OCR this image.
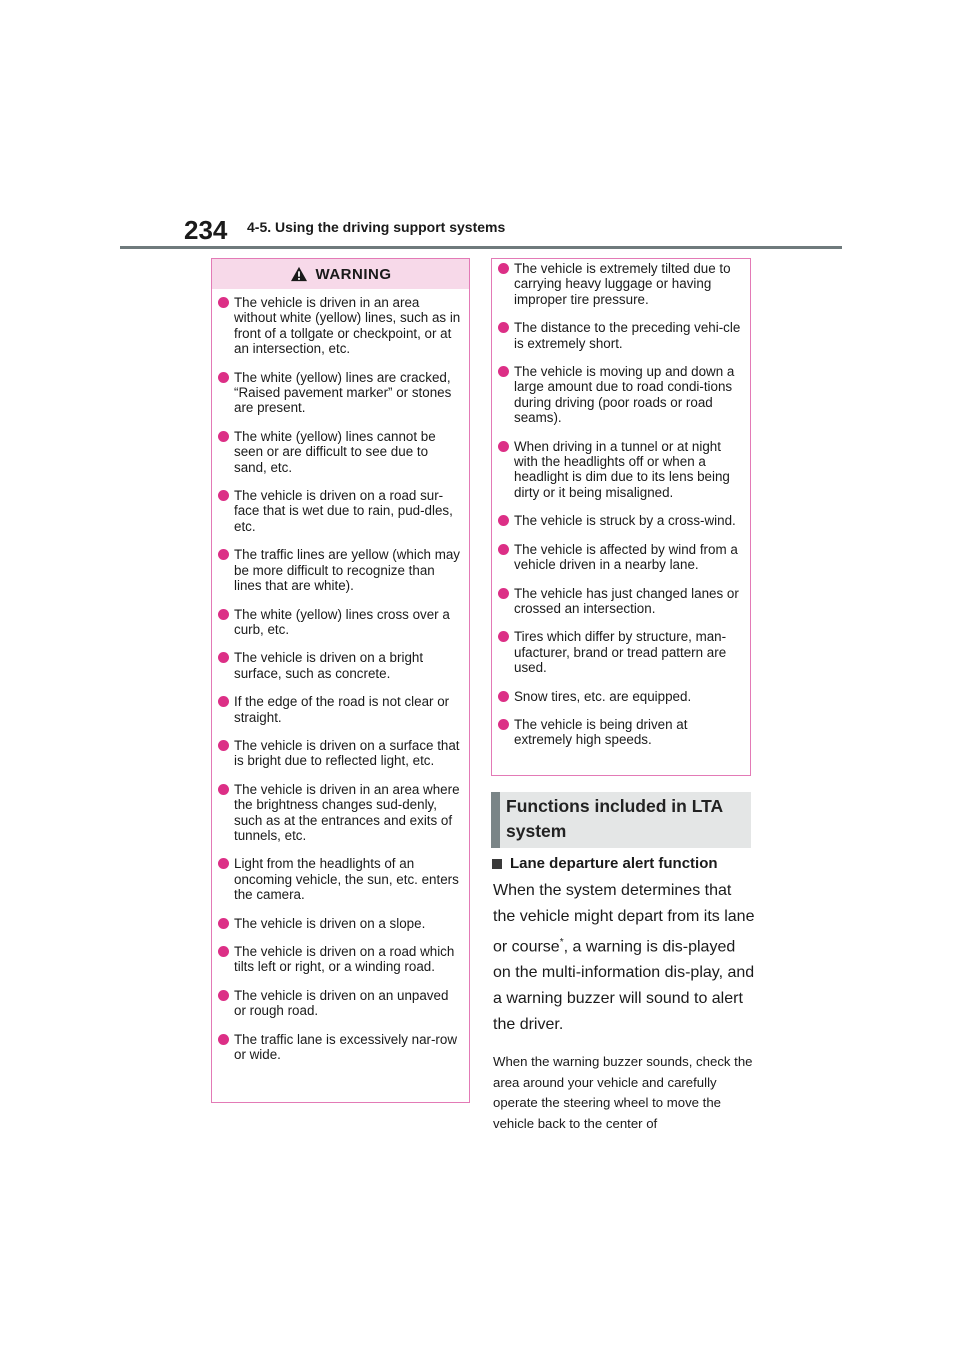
234 4-5. Using the driving support systems
WARNING
The vehicle is driven in an area without white (yellow) lines, such as in front of a tollgate or checkpoint, or at an intersection, etc.
The white (yellow) lines are cracked, “Raised pavement marker” or stones are present.
The white (yellow) lines cannot be seen or are difficult to see due to sand, etc.
The vehicle is driven on a road sur-face that is wet due to rain, pud-dles, etc.
The traffic lines are yellow (which may be more difficult to recognize than lines that are white).
The white (yellow) lines cross over a curb, etc.
The vehicle is driven on a bright surface, such as concrete.
If the edge of the road is not clear or straight.
The vehicle is driven on a surface that is bright due to reflected light, etc.
The vehicle is driven in an area where the brightness changes sud-denly, such as at the entrances and exits of tunnels, etc.
Light from the headlights of an oncoming vehicle, the sun, etc. enters the camera.
The vehicle is driven on a slope.
The vehicle is driven on a road which tilts left or right, or a winding road.
The vehicle is driven on an unpaved or rough road.
The traffic lane is excessively nar-row or wide.
The vehicle is extremely tilted due to carrying heavy luggage or having improper tire pressure.
The distance to the preceding vehi-cle is extremely short.
The vehicle is moving up and down a large amount due to road condi-tions during driving (poor roads or road seams).
When driving in a tunnel or at night with the headlights off or when a headlight is dim due to its lens being dirty or it being misaligned.
The vehicle is struck by a cross-wind.
The vehicle is affected by wind from a vehicle driven in a nearby lane.
The vehicle has just changed lanes or crossed an intersection.
Tires which differ by structure, man-ufacturer, brand or tread pattern are used.
Snow tires, etc. are equipped.
The vehicle is being driven at extremely high speeds.
Functions included in LTA system
Lane departure alert function

When the system determines that the vehicle might depart from its lane or course*, a warning is dis-played on the multi-information dis-play, and a warning buzzer will sound to alert the driver.

When the warning buzzer sounds, check the area around your vehicle and carefully operate the steering wheel to move the vehicle back to the center of
